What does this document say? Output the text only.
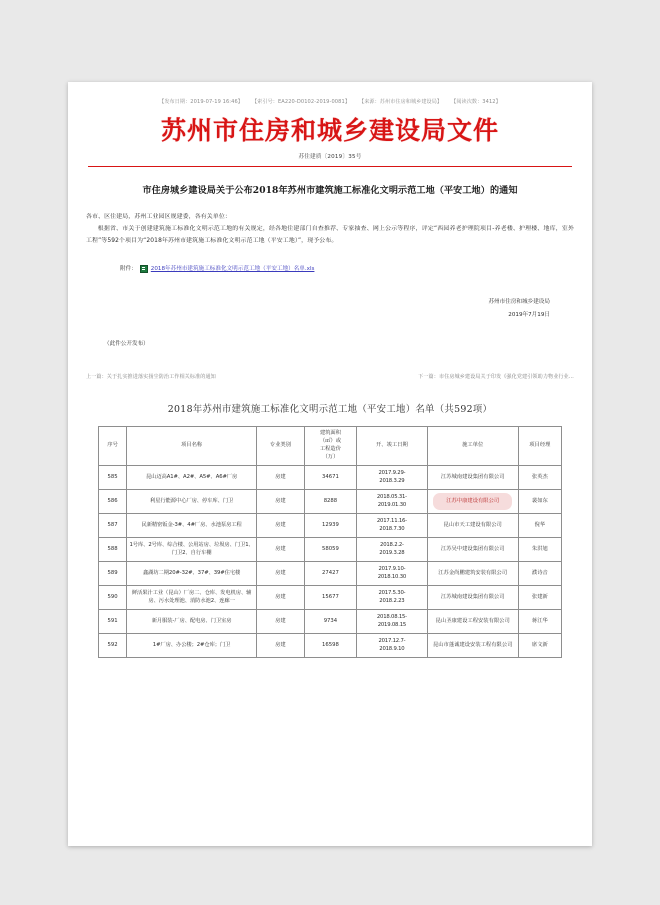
【发布日期：2019-07-19 16:46】 【索引号：EA220-D0102-2019-0081】 【来源：苏州市住房和城乡建设局】 【阅读次数：3412】
苏州市住房和城乡建设局文件
苏住建质〔2019〕35号
市住房城乡建设局关于公布2018年苏州市建筑施工标准化文明示范工地（平安工地）的通知

各市、区住建局，苏州工业园区规建委，各有关单位：

根据省、市关于创建建筑施工标准化文明示范工地的有关规定，经各地住建部门自查推荐、专家抽查、网上公示等程序，评定“西园养老护理院项目-养老楼、护理楼、地库，室外工程”等592个项目为“2018年苏州市建筑施工标准化文明示范工地（平安工地）”，现予公布。

附件：	2018年苏州市建筑施工标准化文明示范工地（平安工地）名单.xls
苏州市住房和城乡建设局
2019年7月19日
（此件公开发布）
上一篇：关于扎实推进落实扬尘防治工作相关标准的通知	下一篇：市住房城乡建设局关于印发《强化党建引领助力物业行业…
2018年苏州市建筑施工标准化文明示范工地（平安工地）名单（共592项）
序号	项目名称	专业类别	建筑面积
（㎡）或
工程造价
（万）	开、竣工日期	施工单位	项目经理
585	昆山迈高A1#、A2#、A5#、A6#厂房	房建	34671	2017.9.29-
2018.3.29	江苏城南建设集团有限公司	张英杰
586	利星行能源中心厂房、停车库、门卫	房建	8288	2018.05.31-
2019.01.30	江苏中康建设有限公司	裴如东
587	民新精密钣金-3#、4#厂房、水池泵房工程	房建	12939	2017.11.16-
2018.7.30	昆山市天工建设有限公司	倪华
588	1号库、2号库、综合楼、公用站房、垃圾房、门卫1、门卫2、自行车棚	房建	58059	2018.2.2-
2019.3.28	江苏吴中建设集团有限公司	朱洪旭
589	鑫湖坊二期20#-32#、37#、39#住宅楼	房建	27427	2017.9.10-
2018.10.30	江苏金尚鹏建筑安装有限公司	濮诗音
590	鲜活果汁工业（昆山）厂房二、仓库、发电机房、辅房、污水处理池、消防水池2、连廊一	房建	15677	2017.5.30-
2018.2.23	江苏城南建设集团有限公司	张建新
591	新月服装-厂房、配电房、门卫室房	房建	9734	2018.08.15-
2019.08.15	昆山圣康建设工程安装有限公司	蒋江华
592	1#厂房、办公楼；2#仓库；门卫	房建	16598	2017.12.7-
2018.9.10	昆山市蓬诚建设安装工程有限公司	席文新
